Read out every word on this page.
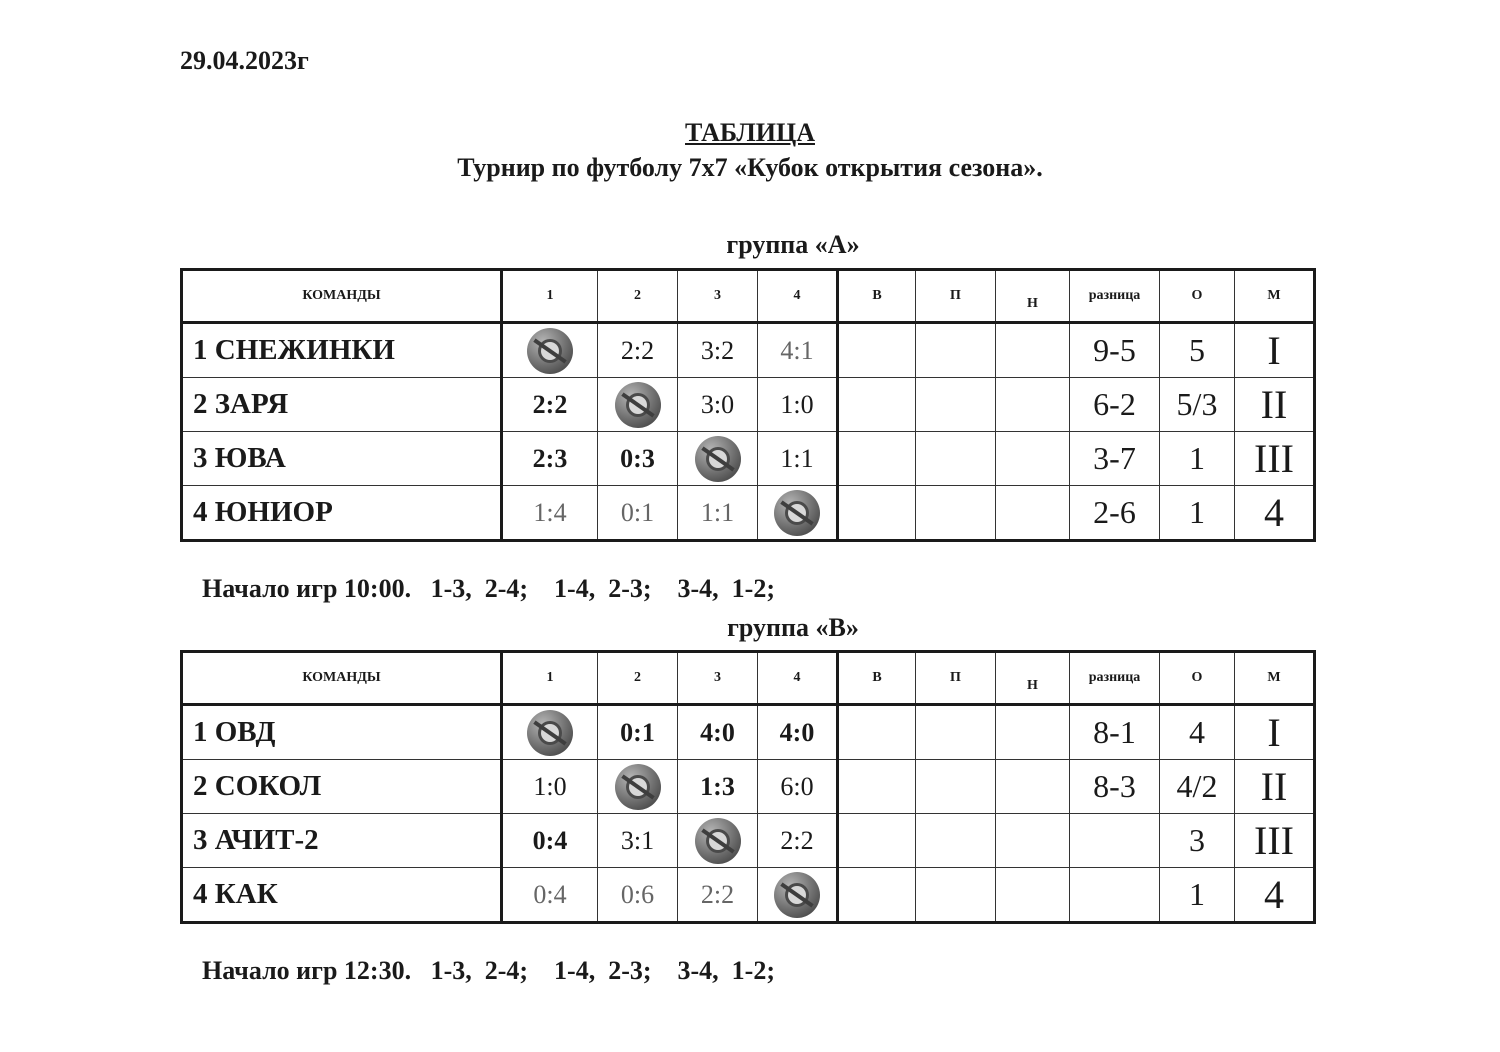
29.04.2023г
ТАБЛИЦА
Турнир по футболу 7х7 «Кубок открытия сезона».
группа «А»
КОМАНДЫ	1	2	3	4	В	П	Н	разница	О	М
1 СНЕЖИНКИ		2:2	3:2	4:1				9-5	5	I
2 ЗАРЯ	2:2		3:0	1:0				6-2	5/3	II
3 ЮВА	2:3	0:3		1:1				3-7	1	III
4 ЮНИОР	1:4	0:1	1:1					2-6	1	4
Начало игр 10:00.   1-3,  2-4;    1-4,  2-3;    3-4,  1-2;
группа «В»
КОМАНДЫ	1	2	3	4	В	П	Н	разница	О	М
1 ОВД		0:1	4:0	4:0				8-1	4	I
2 СОКОЛ	1:0		1:3	6:0				8-3	4/2	II
3 АЧИТ-2	0:4	3:1		2:2					3	III
4 КАК	0:4	0:6	2:2						1	4
Начало игр 12:30.   1-3,  2-4;    1-4,  2-3;    3-4,  1-2;
